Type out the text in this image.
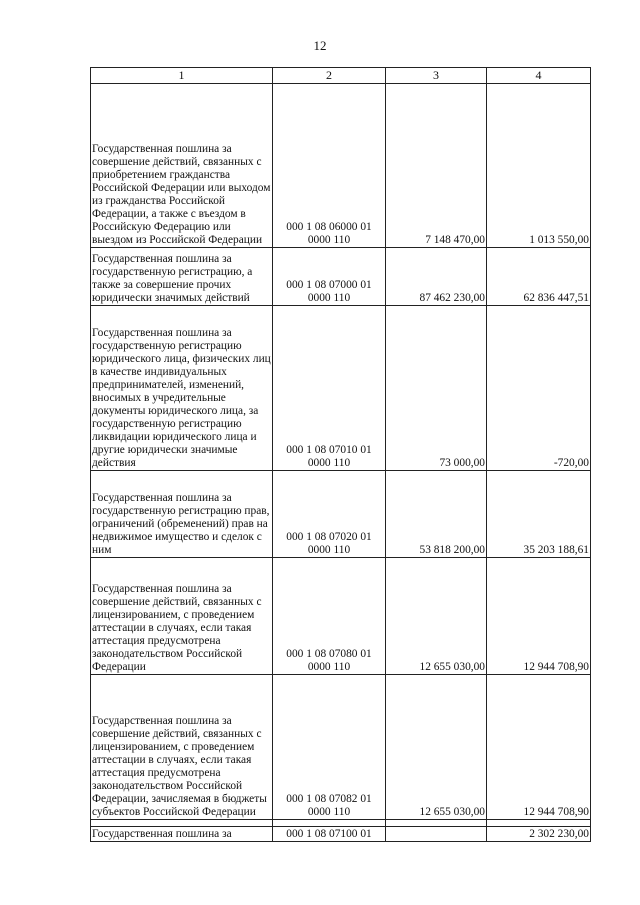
12
1	2	3	4
Государственная пошлина за совершение действий, связанных с приобретением гражданства Российской Федерации или выходом из гражданства Российской Федерации, а также с въездом в Российскую Федерацию или выездом из Российской Федерации	000 1 08 06000 01 0000 110	7 148 470,00	1 013 550,00
Государственная пошлина за государственную регистрацию, а также за совершение прочих юридически значимых действий	000 1 08 07000 01 0000 110	87 462 230,00	62 836 447,51
Государственная пошлина за государственную регистрацию юридического лица, физических лиц в качестве индивидуальных предпринимателей, изменений, вносимых в учредительные документы юридического лица, за государственную регистрацию ликвидации юридического лица и другие юридически значимые действия	000 1 08 07010 01 0000 110	73 000,00	-720,00
Государственная пошлина за государственную регистрацию прав, ограничений (обременений) прав на недвижимое имущество и сделок с ним	000 1 08 07020 01 0000 110	53 818 200,00	35 203 188,61
Государственная пошлина за совершение действий, связанных с лицензированием, с проведением аттестации в случаях, если такая аттестация предусмотрена законодательством Российской Федерации	000 1 08 07080 01 0000 110	12 655 030,00	12 944 708,90
Государственная пошлина за совершение действий, связанных с лицензированием, с проведением аттестации в случаях, если такая аттестация предусмотрена законодательством Российской Федерации, зачисляемая в бюджеты субъектов Российской Федерации	000 1 08 07082 01 0000 110	12 655 030,00	12 944 708,90

Государственная пошлина за	000 1 08 07100 01		2 302 230,00
